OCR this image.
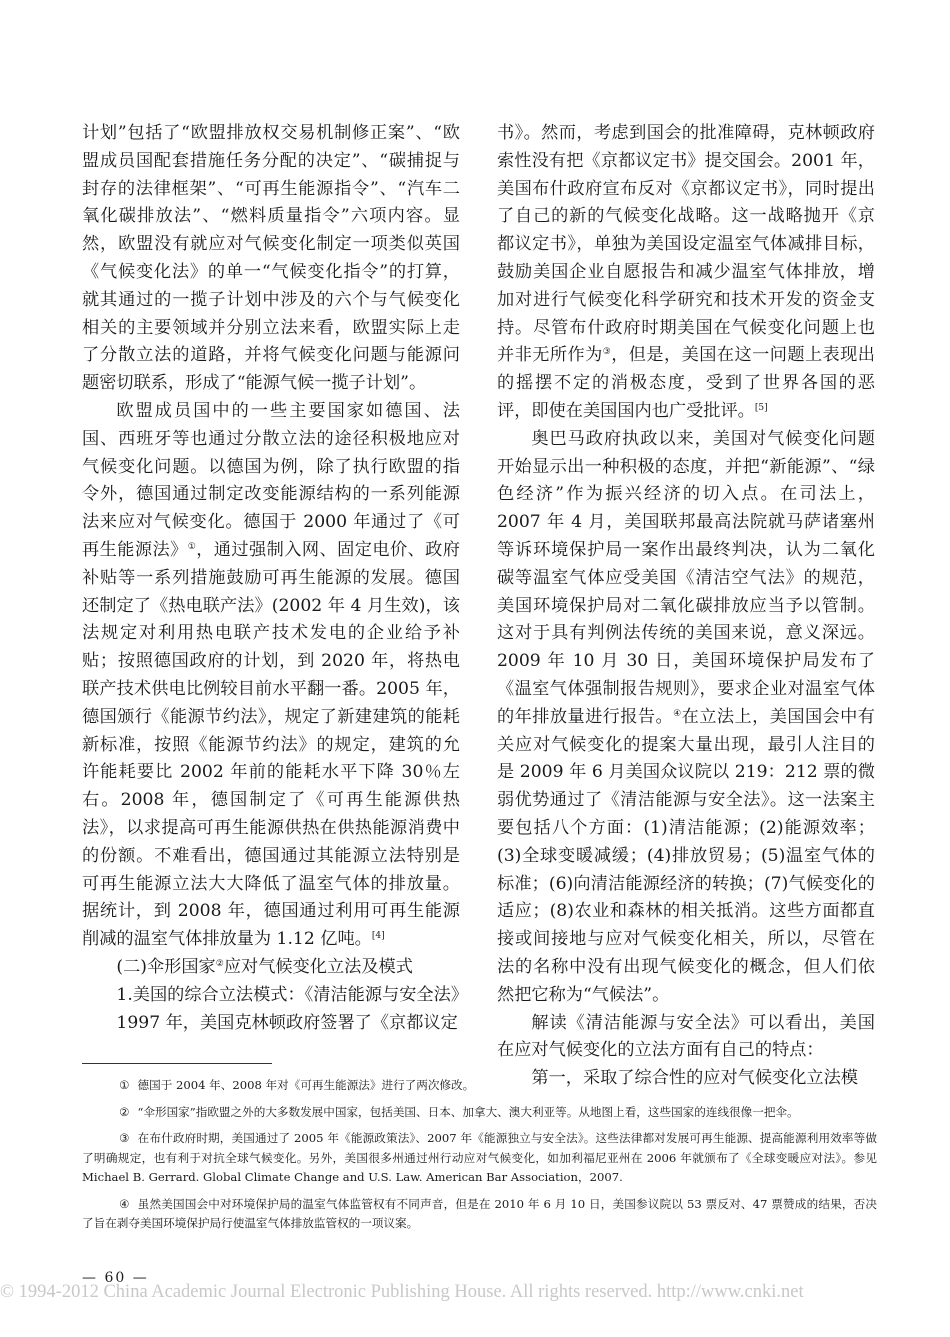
计划”包括了“欧盟排放权交易机制修正案”、“欧盟成员国配套措施任务分配的决定”、“碳捕捉与封存的法律框架”、“可再生能源指令”、“汽车二氧化碳排放法”、“燃料质量指令”六项内容。显然，欧盟没有就应对气候变化制定一项类似英国《气候变化法》的单一“气候变化指令”的打算，就其通过的一揽子计划中涉及的六个与气候变化相关的主要领域并分别立法来看，欧盟实际上走了分散立法的道路，并将气候变化问题与能源问题密切联系，形成了“能源气候一揽子计划”。

欧盟成员国中的一些主要国家如德国、法国、西班牙等也通过分散立法的途径积极地应对气候变化问题。以德国为例，除了执行欧盟的指令外，德国通过制定改变能源结构的一系列能源法来应对气候变化。德国于 2000 年通过了《可再生能源法》①，通过强制入网、固定电价、政府补贴等一系列措施鼓励可再生能源的发展。德国还制定了《热电联产法》(2002 年 4 月生效)，该法规定对利用热电联产技术发电的企业给予补贴；按照德国政府的计划，到 2020 年，将热电联产技术供电比例较目前水平翻一番。2005 年，德国颁行《能源节约法》，规定了新建建筑的能耗新标准，按照《能源节约法》的规定，建筑的允许能耗要比 2002 年前的能耗水平下降 30％左右。2008 年，德国制定了《可再生能源供热法》，以求提高可再生能源供热在供热能源消费中的份额。不难看出，德国通过其能源立法特别是可再生能源立法大大降低了温室气体的排放量。据统计，到 2008 年，德国通过利用可再生能源削减的温室气体排放量为 1.12 亿吨。[4]

(二)伞形国家②应对气候变化立法及模式

1.美国的综合立法模式：《清洁能源与安全法》

1997 年，美国克林顿政府签署了《京都议定

书》。然而，考虑到国会的批准障碍，克林顿政府索性没有把《京都议定书》提交国会。2001 年，美国布什政府宣布反对《京都议定书》，同时提出了自己的新的气候变化战略。这一战略抛开《京都议定书》，单独为美国设定温室气体减排目标，鼓励美国企业自愿报告和减少温室气体排放，增加对进行气候变化科学研究和技术开发的资金支持。尽管布什政府时期美国在气候变化问题上也并非无所作为③，但是，美国在这一问题上表现出的摇摆不定的消极态度，受到了世界各国的恶评，即使在美国国内也广受批评。[5]

奥巴马政府执政以来，美国对气候变化问题开始显示出一种积极的态度，并把“新能源”、“绿色经济”作为振兴经济的切入点。在司法上，2007 年 4 月，美国联邦最高法院就马萨诸塞州等诉环境保护局一案作出最终判决，认为二氧化碳等温室气体应受美国《清洁空气法》的规范，美国环境保护局对二氧化碳排放应当予以管制。这对于具有判例法传统的美国来说，意义深远。2009 年 10 月 30 日，美国环境保护局发布了《温室气体强制报告规则》，要求企业对温室气体的年排放量进行报告。④在立法上，美国国会中有关应对气候变化的提案大量出现，最引人注目的是 2009 年 6 月美国众议院以 219：212 票的微弱优势通过了《清洁能源与安全法》。这一法案主要包括八个方面：(1)清洁能源；(2)能源效率；(3)全球变暖减缓；(4)排放贸易；(5)温室气体的标准；(6)向清洁能源经济的转换；(7)气候变化的适应；(8)农业和森林的相关抵消。这些方面都直接或间接地与应对气候变化相关，所以，尽管在法的名称中没有出现气候变化的概念，但人们依然把它称为“气候法”。

解读《清洁能源与安全法》可以看出，美国在应对气候变化的立法方面有自己的特点：

第一，采取了综合性的应对气候变化立法模

① 德国于 2004 年、2008 年对《可再生能源法》进行了两次修改。

② “伞形国家”指欧盟之外的大多数发展中国家，包括美国、日本、加拿大、澳大利亚等。从地图上看，这些国家的连线很像一把伞。

③ 在布什政府时期，美国通过了 2005 年《能源政策法》、2007 年《能源独立与安全法》。这些法律都对发展可再生能源、提高能源利用效率等做了明确规定，也有利于对抗全球气候变化。另外，美国很多州通过州行动应对气候变化，如加利福尼亚州在 2006 年就颁布了《全球变暖应对法》。参见 Michael B. Gerrard. Global Climate Change and U.S. Law. American Bar Association，2007.

④ 虽然美国国会中对环境保护局的温室气体监管权有不同声音，但是在 2010 年 6 月 10 日，美国参议院以 53 票反对、47 票赞成的结果，否决了旨在剥夺美国环境保护局行使温室气体排放监管权的一项议案。

— 60 —
© 1994-2012 China Academic Journal Electronic Publishing House. All rights reserved. http://www.cnki.net
